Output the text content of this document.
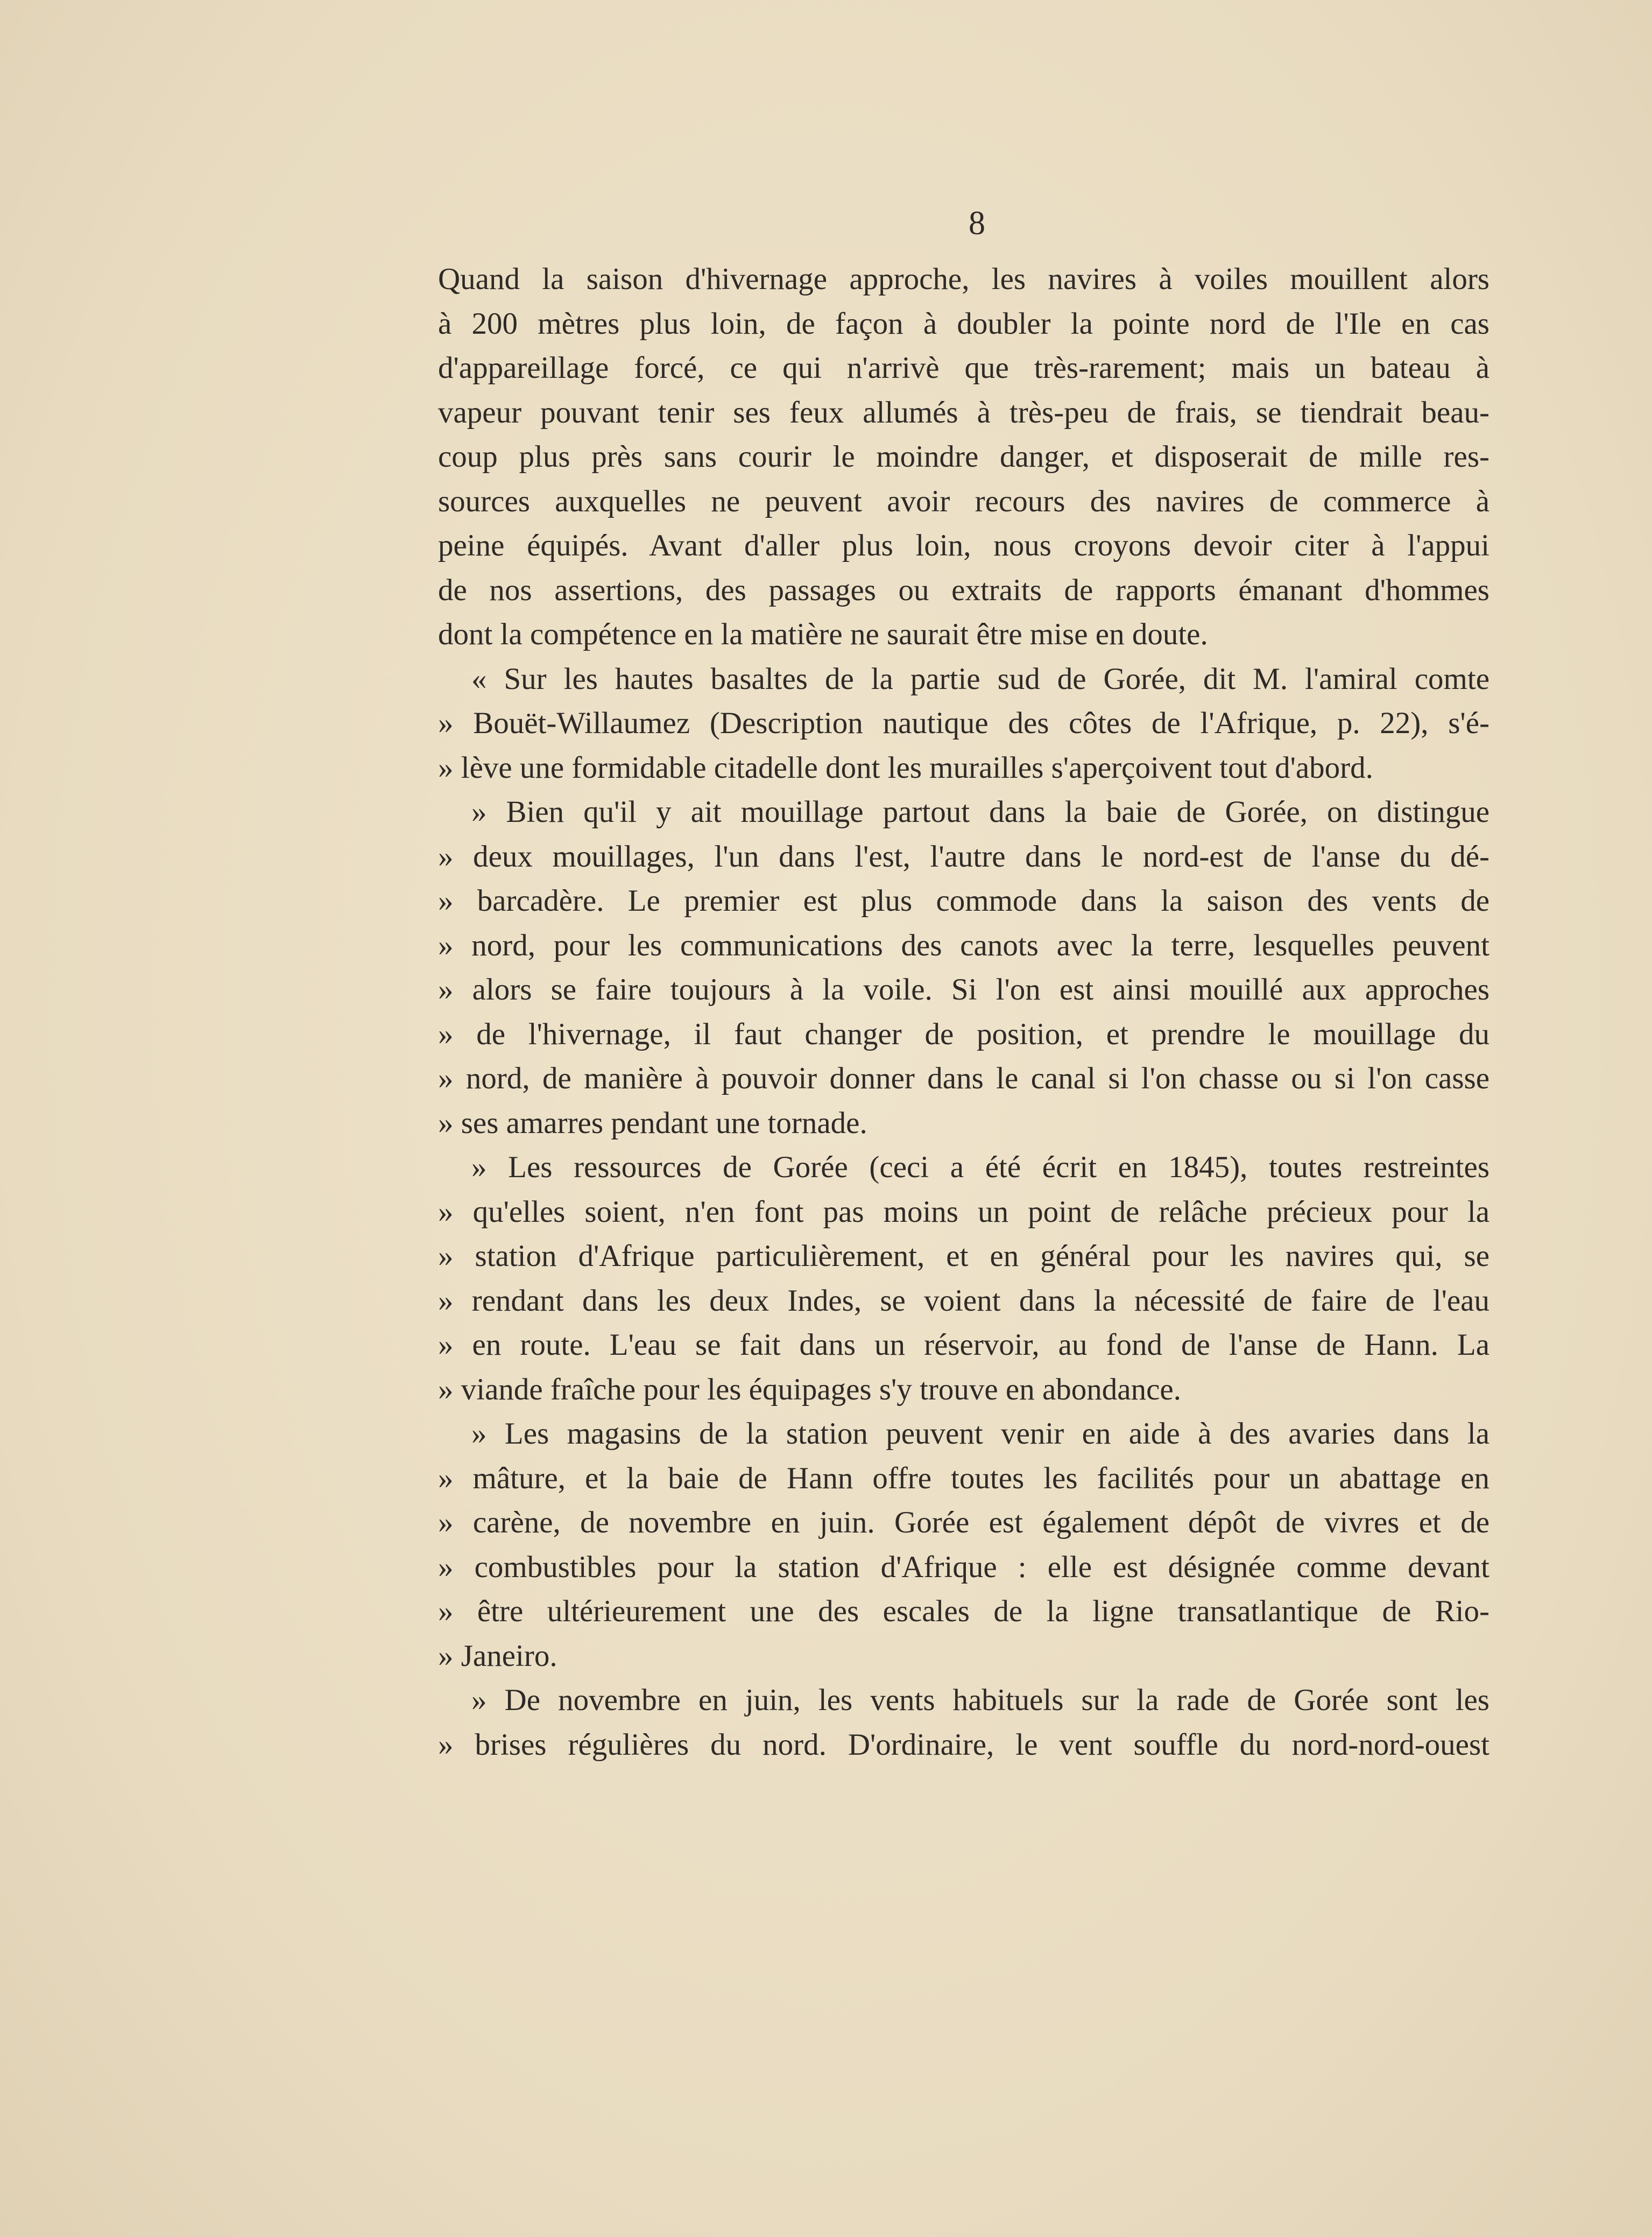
8
Quand la saison d'hivernage approche, les navires à voiles mouillent alors
à 200 mètres plus loin, de façon à doubler la pointe nord de l'Ile en cas
d'appareillage forcé, ce qui n'arrivè que très-rarement; mais un bateau à
vapeur pouvant tenir ses feux allumés à très-peu de frais, se tiendrait beau-
coup plus près sans courir le moindre danger, et disposerait de mille res-
sources auxquelles ne peuvent avoir recours des navires de commerce à
peine équipés. Avant d'aller plus loin, nous croyons devoir citer à l'appui
de nos assertions, des passages ou extraits de rapports émanant d'hommes
dont la compétence en la matière ne saurait être mise en doute.
« Sur les hautes basaltes de la partie sud de Gorée, dit M. l'amiral comte
» Bouët-Willaumez (Description nautique des côtes de l'Afrique, p. 22), s'é-
» lève une formidable citadelle dont les murailles s'aperçoivent tout d'abord.
» Bien qu'il y ait mouillage partout dans la baie de Gorée, on distingue
» deux mouillages, l'un dans l'est, l'autre dans le nord-est de l'anse du dé-
» barcadère. Le premier est plus commode dans la saison des vents de
» nord, pour les communications des canots avec la terre, lesquelles peuvent
» alors se faire toujours à la voile. Si l'on est ainsi mouillé aux approches
» de l'hivernage, il faut changer de position, et prendre le mouillage du
» nord, de manière à pouvoir donner dans le canal si l'on chasse ou si l'on casse
» ses amarres pendant une tornade.
» Les ressources de Gorée (ceci a été écrit en 1845), toutes restreintes
» qu'elles soient, n'en font pas moins un point de relâche précieux pour la
» station d'Afrique particulièrement, et en général pour les navires qui, se
» rendant dans les deux Indes, se voient dans la nécessité de faire de l'eau
» en route. L'eau se fait dans un réservoir, au fond de l'anse de Hann. La
» viande fraîche pour les équipages s'y trouve en abondance.
» Les magasins de la station peuvent venir en aide à des avaries dans la
» mâture, et la baie de Hann offre toutes les facilités pour un abattage en
» carène, de novembre en juin. Gorée est également dépôt de vivres et de
» combustibles pour la station d'Afrique : elle est désignée comme devant
» être ultérieurement une des escales de la ligne transatlantique de Rio-
» Janeiro.
» De novembre en juin, les vents habituels sur la rade de Gorée sont les
» brises régulières du nord. D'ordinaire, le vent souffle du nord-nord-ouest
